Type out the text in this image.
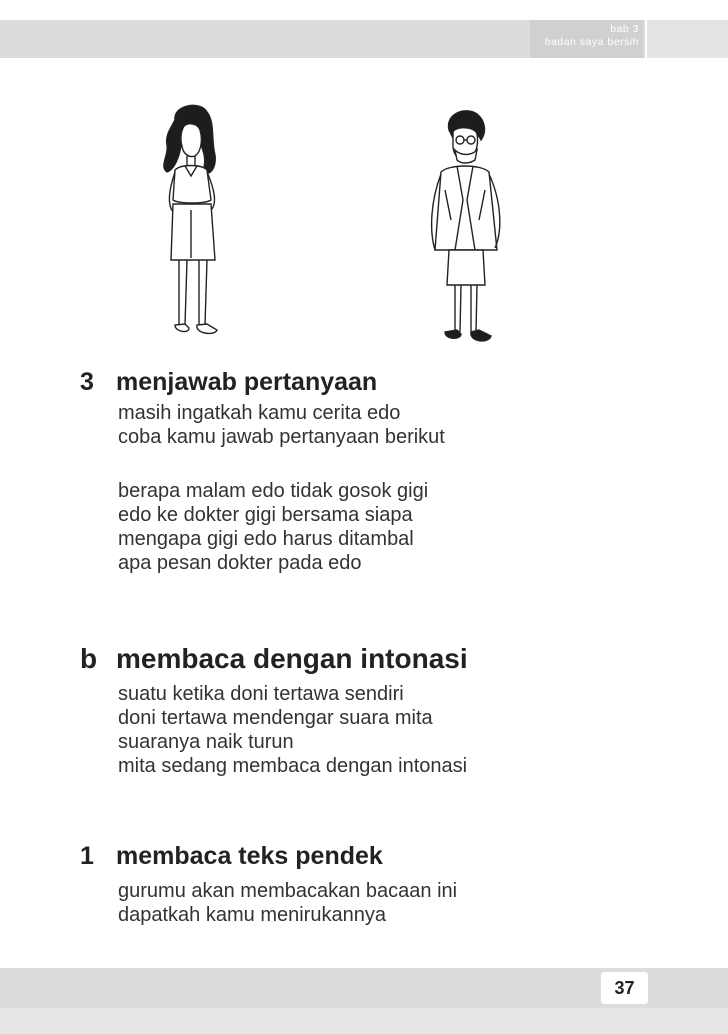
bab 3
badan saya bersih
3 menjawab pertanyaan
masih ingatkah kamu cerita edo
coba kamu jawab pertanyaan berikut
berapa malam edo tidak gosok gigi
edo ke dokter gigi bersama siapa
mengapa gigi edo harus ditambal
apa pesan dokter pada edo
b membaca dengan intonasi
suatu ketika doni tertawa sendiri
doni tertawa mendengar suara mita
suaranya naik turun
mita sedang membaca dengan intonasi
1 membaca teks pendek
gurumu akan membacakan bacaan ini
dapatkah kamu menirukannya
37
